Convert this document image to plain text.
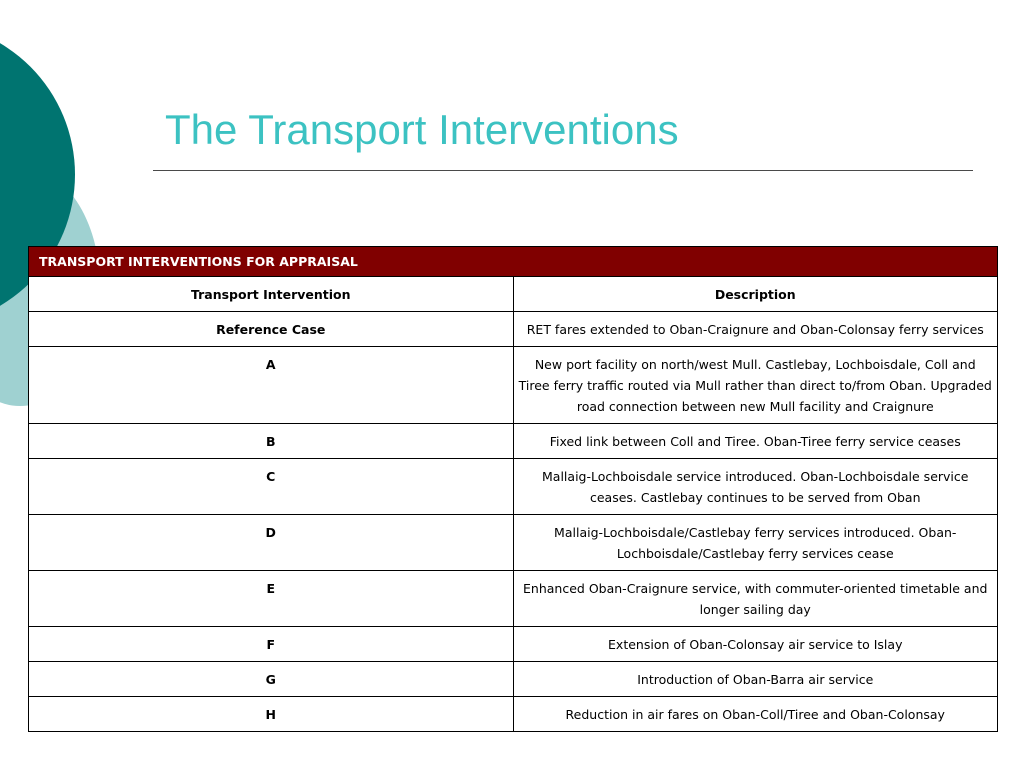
The Transport Interventions
TRANSPORT INTERVENTIONS FOR APPRAISAL	
Transport Intervention	Description
Reference Case	RET fares extended to Oban-Craignure and Oban-Colonsay ferry services
A	New port facility on north/west Mull. Castlebay, Lochboisdale, Coll and Tiree ferry traffic routed via Mull rather than direct to/from Oban. Upgraded road connection between new Mull facility and Craignure
B	Fixed link between Coll and Tiree. Oban-Tiree ferry service ceases
C	Mallaig-Lochboisdale service introduced. Oban-Lochboisdale service ceases. Castlebay continues to be served from Oban
D	Mallaig-Lochboisdale/Castlebay ferry services introduced. Oban-Lochboisdale/Castlebay ferry services cease
E	Enhanced Oban-Craignure service, with commuter-oriented timetable and longer sailing day
F	Extension of Oban-Colonsay air service to Islay
G	Introduction of Oban-Barra air service
H	Reduction in air fares on Oban-Coll/Tiree and Oban-Colonsay
